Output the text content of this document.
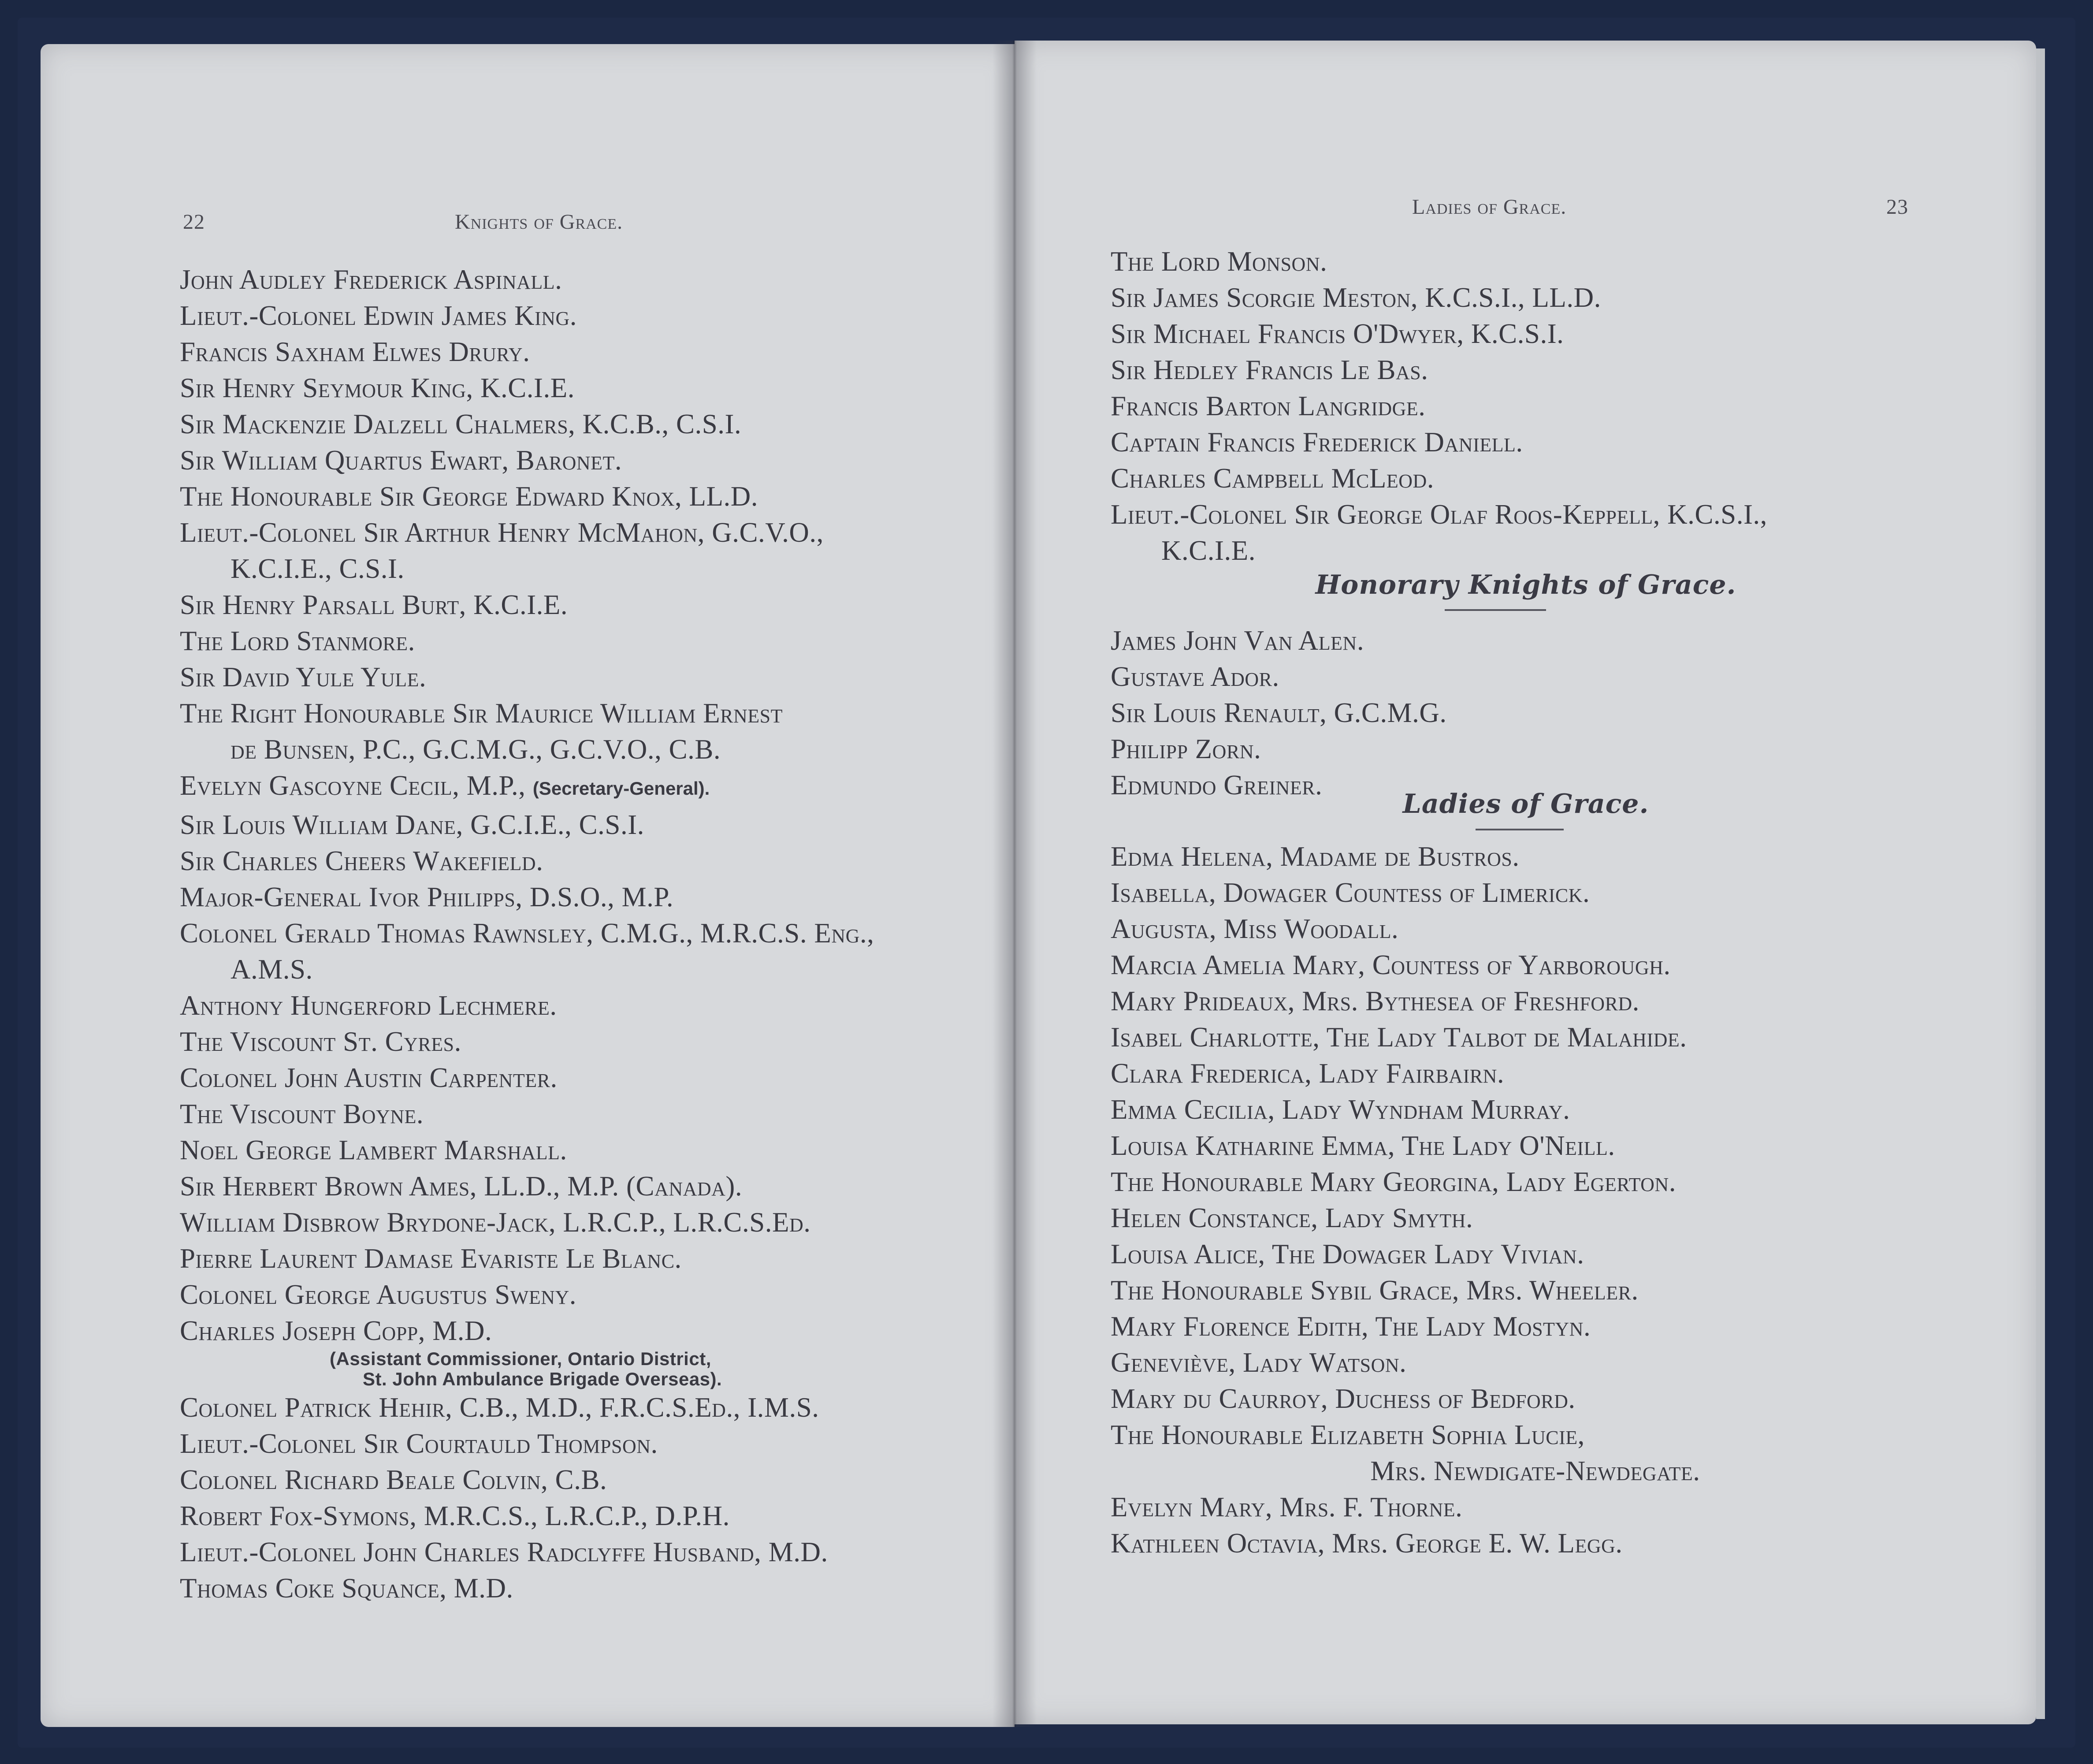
22	Knights of Grace.
John Audley Frederick Aspinall.
Lieut.-Colonel Edwin James King.
Francis Saxham Elwes Drury.
Sir Henry Seymour King, K.C.I.E.
Sir Mackenzie Dalzell Chalmers, K.C.B., C.S.I.
Sir William Quartus Ewart, Baronet.
The Honourable Sir George Edward Knox, LL.D.
Lieut.-Colonel Sir Arthur Henry McMahon, G.C.V.O.,
K.C.I.E., C.S.I.
Sir Henry Parsall Burt, K.C.I.E.
The Lord Stanmore.
Sir David Yule Yule.
The Right Honourable Sir Maurice William Ernest
de Bunsen, P.C., G.C.M.G., G.C.V.O., C.B.
Evelyn Gascoyne Cecil, M.P., (Secretary-General).
Sir Louis William Dane, G.C.I.E., C.S.I.
Sir Charles Cheers Wakefield.
Major-General Ivor Philipps, D.S.O., M.P.
Colonel Gerald Thomas Rawnsley, C.M.G., M.R.C.S. Eng.,
A.M.S.
Anthony Hungerford Lechmere.
The Viscount St. Cyres.
Colonel John Austin Carpenter.
The Viscount Boyne.
Noel George Lambert Marshall.
Sir Herbert Brown Ames, LL.D., M.P. (Canada).
William Disbrow Brydone-Jack, L.R.C.P., L.R.C.S.Ed.
Pierre Laurent Damase Evariste Le Blanc.
Colonel George Augustus Sweny.
Charles Joseph Copp, M.D.
(Assistant Commissioner, Ontario District,
St. John Ambulance Brigade Overseas).
Colonel Patrick Hehir, C.B., M.D., F.R.C.S.Ed., I.M.S.
Lieut.-Colonel Sir Courtauld Thompson.
Colonel Richard Beale Colvin, C.B.
Robert Fox-Symons, M.R.C.S., L.R.C.P., D.P.H.
Lieut.-Colonel John Charles Radclyffe Husband, M.D.
Thomas Coke Squance, M.D.
Ladies of Grace.	23
The Lord Monson.
Sir James Scorgie Meston, K.C.S.I., LL.D.
Sir Michael Francis O'Dwyer, K.C.S.I.
Sir Hedley Francis Le Bas.
Francis Barton Langridge.
Captain Francis Frederick Daniell.
Charles Campbell McLeod.
Lieut.-Colonel Sir George Olaf Roos-Keppell, K.C.S.I.,
K.C.I.E.
Honorary Knights of Grace.
James John Van Alen.
Gustave Ador.
Sir Louis Renault, G.C.M.G.
Philipp Zorn.
Edmundo Greiner.
Ladies of Grace.
Edma Helena, Madame de Bustros.
Isabella, Dowager Countess of Limerick.
Augusta, Miss Woodall.
Marcia Amelia Mary, Countess of Yarborough.
Mary Prideaux, Mrs. Bythesea of Freshford.
Isabel Charlotte, The Lady Talbot de Malahide.
Clara Frederica, Lady Fairbairn.
Emma Cecilia, Lady Wyndham Murray.
Louisa Katharine Emma, The Lady O'Neill.
The Honourable Mary Georgina, Lady Egerton.
Helen Constance, Lady Smyth.
Louisa Alice, The Dowager Lady Vivian.
The Honourable Sybil Grace, Mrs. Wheeler.
Mary Florence Edith, The Lady Mostyn.
Geneviève, Lady Watson.
Mary du Caurroy, Duchess of Bedford.
The Honourable Elizabeth Sophia Lucie,
Mrs. Newdigate-Newdegate.
Evelyn Mary, Mrs. F. Thorne.
Kathleen Octavia, Mrs. George E. W. Legg.
